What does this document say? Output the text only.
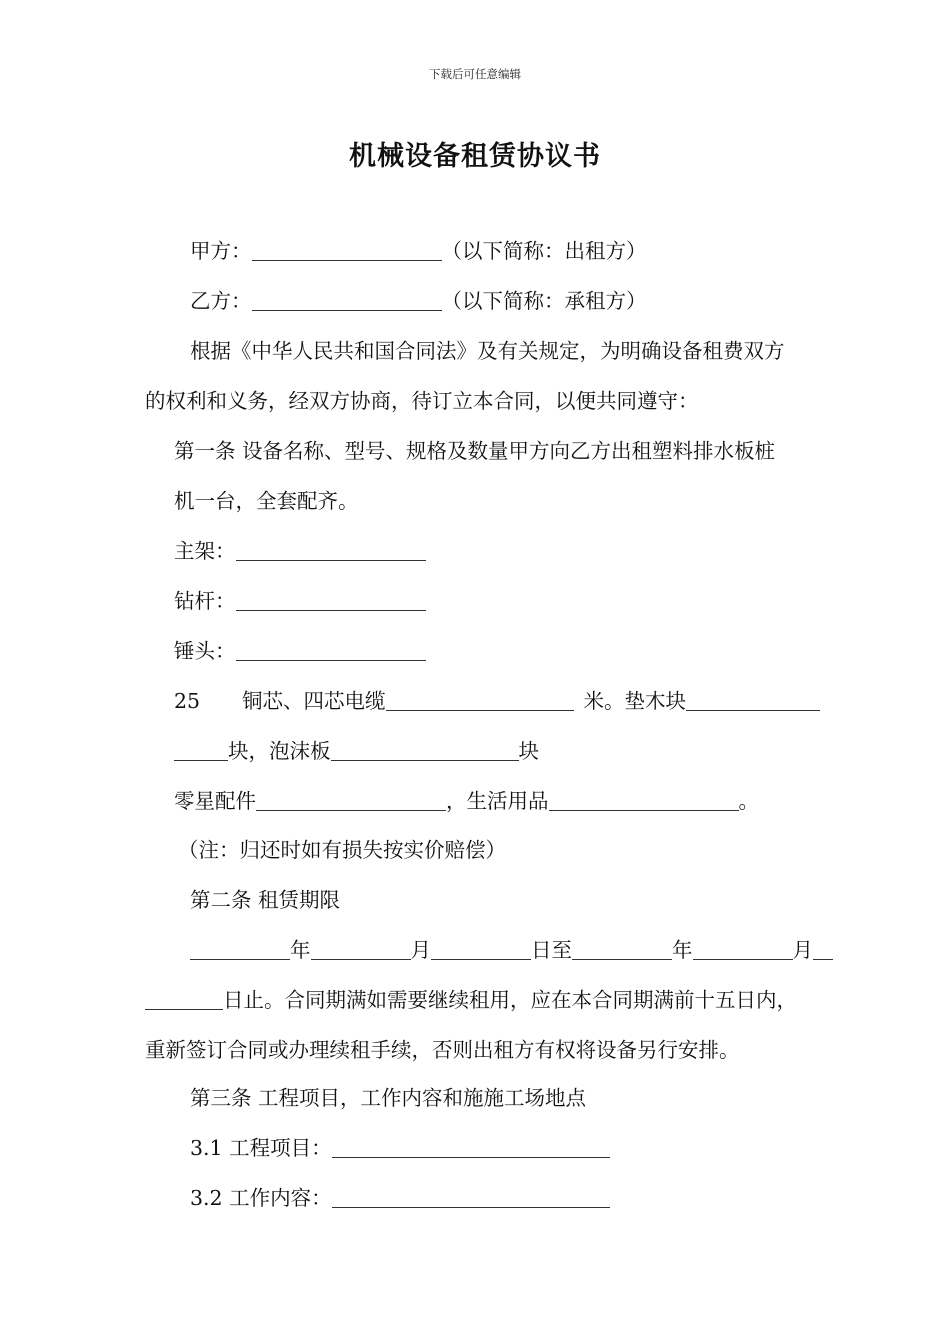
下载后可任意编辑
机械设备租赁协议书
甲方：	（以下简称：出租方）
乙方：	（以下简称：承租方）
根据《中华人民共和国合同法》及有关规定，为明确设备租费双方
的权利和义务，经双方协商，待订立本合同，以便共同遵守：
第一条 设备名称、型号、规格及数量甲方向乙方出租塑料排水板桩
机一台，全套配齐。
主架：
钻杆：
锤头：
25 铜芯、四芯电缆	米。垫木块
块，泡沫板	块
零星配件	，生活用品	。
（注：归还时如有损失按实价赔偿）
第二条 租赁期限
年	月	日至	年	月
日止。合同期满如需要继续租用，应在本合同期满前十五日内，
重新签订合同或办理续租手续，否则出租方有权将设备另行安排。
第三条 工程项目，工作内容和施施工场地点
3.1 工程项目：
3.2 工作内容：
